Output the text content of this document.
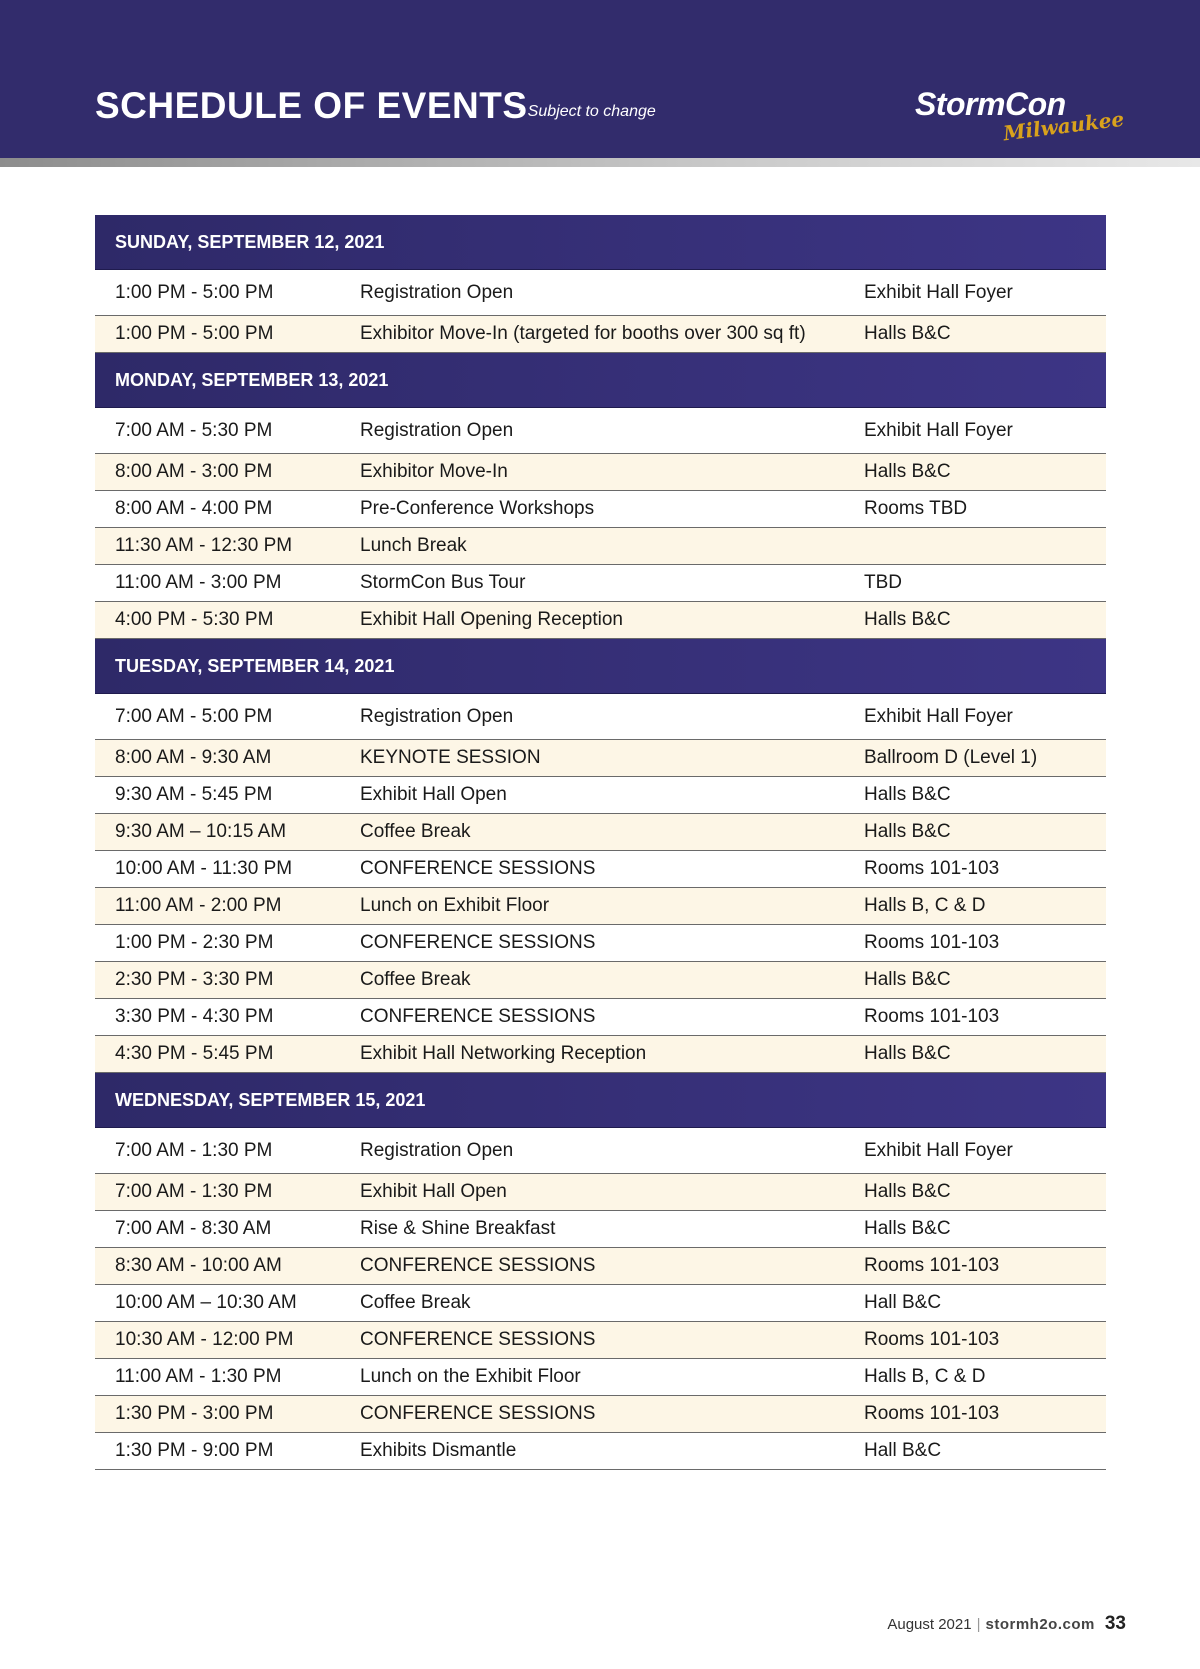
SCHEDULE OF EVENTS
* Subject to change	StormCon
Milwaukee
SUNDAY, SEPTEMBER 12, 2021
1:00 PM - 5:00 PM	Registration Open	Exhibit Hall Foyer
1:00 PM - 5:00 PM	Exhibitor Move-In (targeted for booths over 300 sq ft)	Halls B&C
MONDAY, SEPTEMBER 13, 2021
7:00 AM - 5:30 PM	Registration Open	Exhibit Hall Foyer
8:00 AM - 3:00 PM	Exhibitor Move-In	Halls B&C
8:00 AM - 4:00 PM	Pre-Conference Workshops	Rooms TBD
11:30 AM - 12:30 PM	Lunch Break
11:00 AM - 3:00 PM	StormCon Bus Tour	TBD
4:00 PM - 5:30 PM	Exhibit Hall Opening Reception	Halls B&C
TUESDAY, SEPTEMBER 14, 2021
7:00 AM - 5:00 PM	Registration Open	Exhibit Hall Foyer
8:00 AM - 9:30 AM	KEYNOTE SESSION	Ballroom D (Level 1)
9:30 AM - 5:45 PM	Exhibit Hall Open	Halls B&C
9:30 AM – 10:15 AM	Coffee Break	Halls B&C
10:00 AM - 11:30 PM	CONFERENCE SESSIONS	Rooms 101-103
11:00 AM - 2:00 PM	Lunch on Exhibit Floor	Halls B, C & D
1:00 PM - 2:30 PM	CONFERENCE SESSIONS	Rooms 101-103
2:30 PM - 3:30 PM	Coffee Break	Halls B&C
3:30 PM - 4:30 PM	CONFERENCE SESSIONS	Rooms 101-103
4:30 PM - 5:45 PM	Exhibit Hall Networking Reception	Halls B&C
WEDNESDAY, SEPTEMBER 15, 2021
7:00 AM - 1:30 PM	Registration Open	Exhibit Hall Foyer
7:00 AM - 1:30 PM	Exhibit Hall Open	Halls B&C
7:00 AM - 8:30 AM	Rise & Shine Breakfast	Halls B&C
8:30 AM - 10:00 AM	CONFERENCE SESSIONS	Rooms 101-103
10:00 AM – 10:30 AM	Coffee Break	Hall B&C
10:30 AM - 12:00 PM	CONFERENCE SESSIONS	Rooms 101-103
11:00 AM - 1:30 PM	Lunch on the Exhibit Floor	Halls B, C & D
1:30 PM - 3:00 PM	CONFERENCE SESSIONS	Rooms 101-103
1:30 PM - 9:00 PM	Exhibits Dismantle	Hall B&C
August 2021 | stormh2o.com 33
